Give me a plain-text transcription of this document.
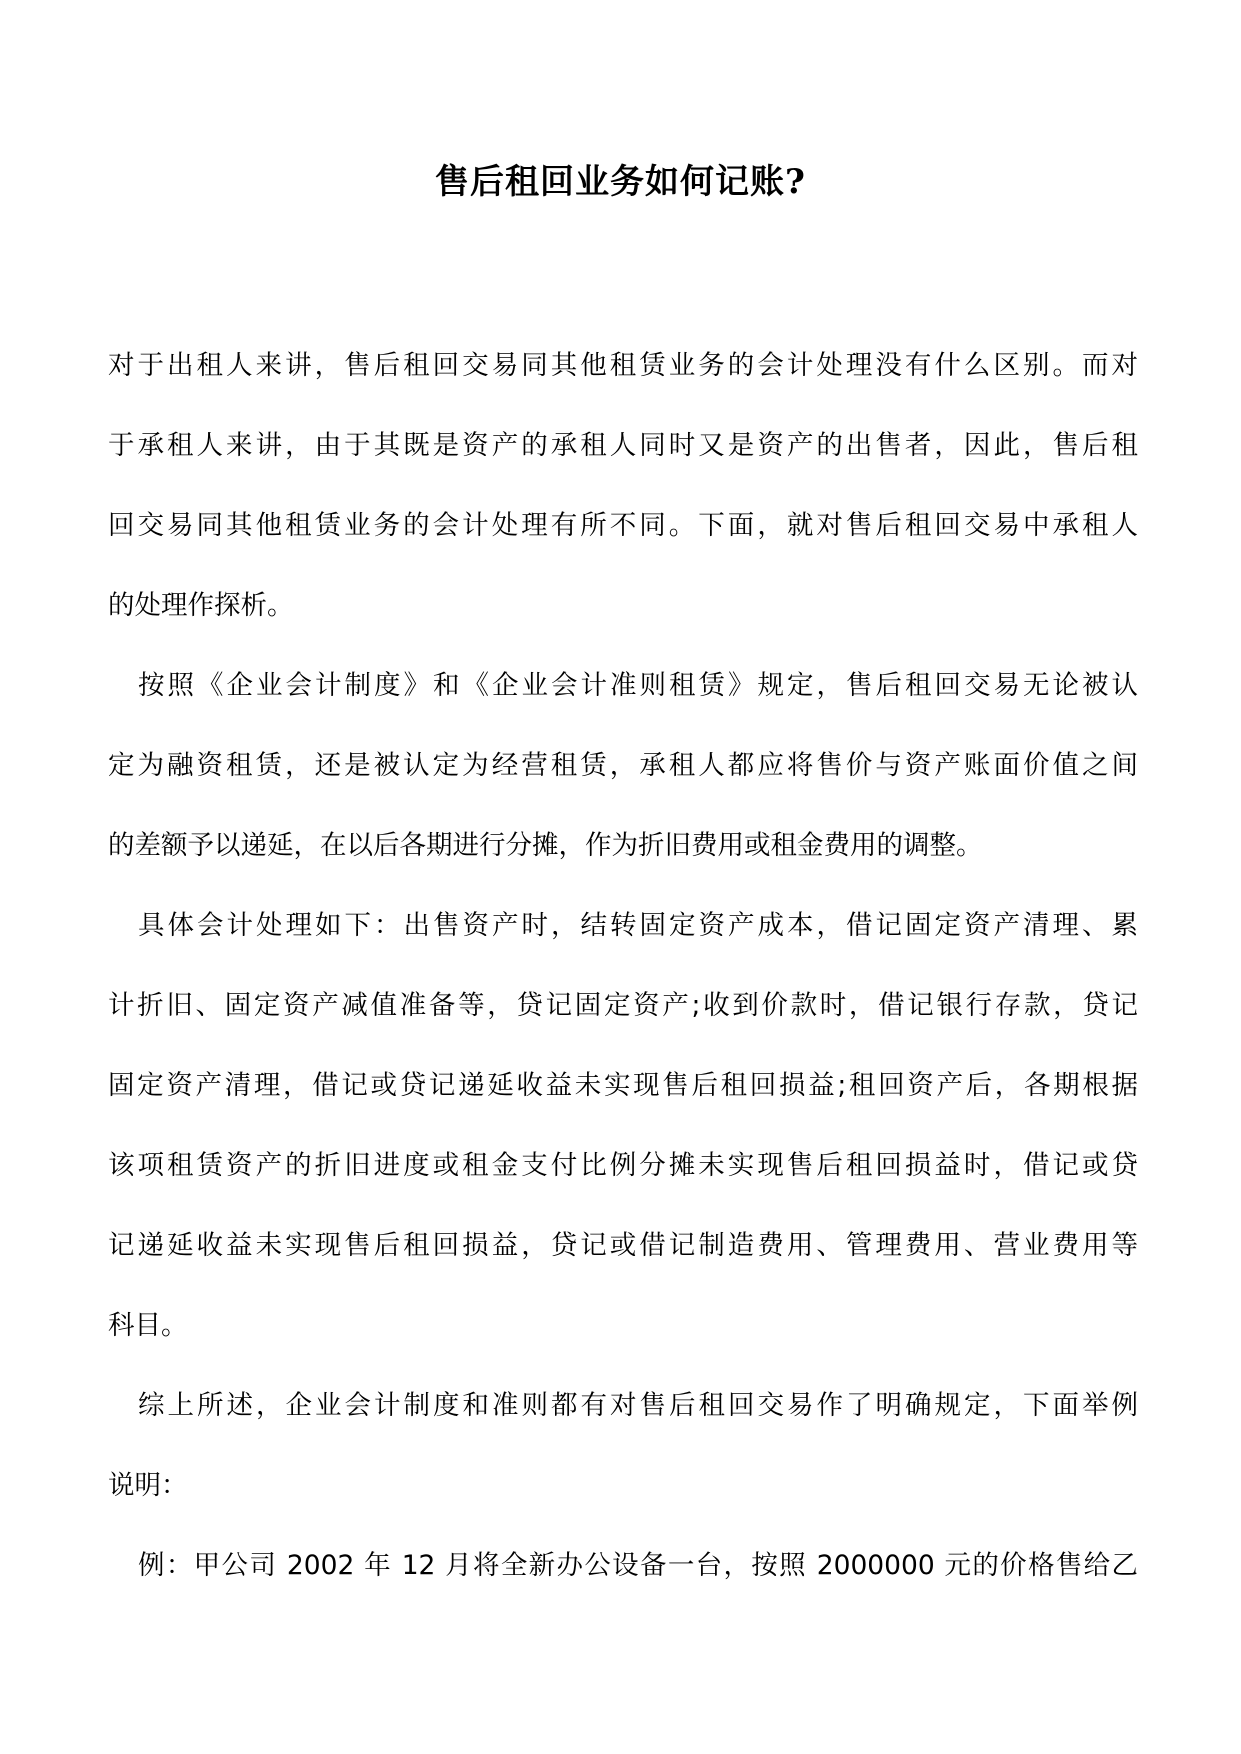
售后租回业务如何记账?

对于出租人来讲，售后租回交易同其他租赁业务的会计处理没有什么区别。而对

于承租人来讲，由于其既是资产的承租人同时又是资产的出售者，因此，售后租

回交易同其他租赁业务的会计处理有所不同。下面，就对售后租回交易中承租人

的处理作探析。

按照《企业会计制度》和《企业会计准则租赁》规定，售后租回交易无论被认

定为融资租赁，还是被认定为经营租赁，承租人都应将售价与资产账面价值之间

的差额予以递延，在以后各期进行分摊，作为折旧费用或租金费用的调整。

具体会计处理如下：出售资产时，结转固定资产成本，借记固定资产清理、累

计折旧、固定资产减值准备等，贷记固定资产;收到价款时，借记银行存款，贷记

固定资产清理，借记或贷记递延收益未实现售后租回损益;租回资产后，各期根据

该项租赁资产的折旧进度或租金支付比例分摊未实现售后租回损益时，借记或贷

记递延收益未实现售后租回损益，贷记或借记制造费用、管理费用、营业费用等

科目。

综上所述，企业会计制度和准则都有对售后租回交易作了明确规定，下面举例

说明：

例：甲公司 2002 年 12 月将全新办公设备一台，按照 2000000 元的价格售给乙
